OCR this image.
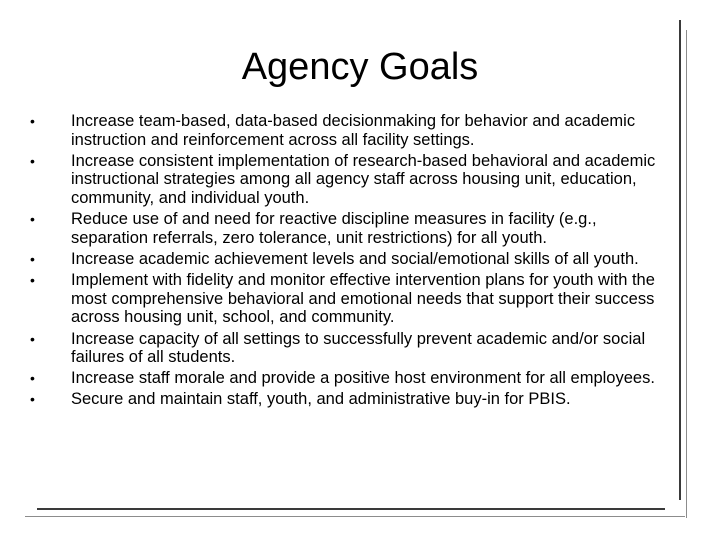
Agency Goals
• Increase team-based, data-based decisionmaking for behavior and academic instruction and reinforcement across all facility settings.
• Increase consistent implementation of research-based behavioral and academic instructional strategies among all agency staff across housing unit, education, community, and individual youth.
• Reduce use of and need for reactive discipline measures in facility (e.g., separation referrals, zero tolerance, unit restrictions) for all youth.
• Increase academic achievement levels and social/emotional skills of all youth.
• Implement with fidelity and monitor effective intervention plans for youth with the most comprehensive behavioral and emotional needs that support their success across housing unit, school, and community.
• Increase capacity of all settings to successfully prevent academic and/or social failures of all students.
• Increase staff morale and provide a positive host environment for all employees.
• Secure and maintain staff, youth, and administrative buy-in for PBIS.
